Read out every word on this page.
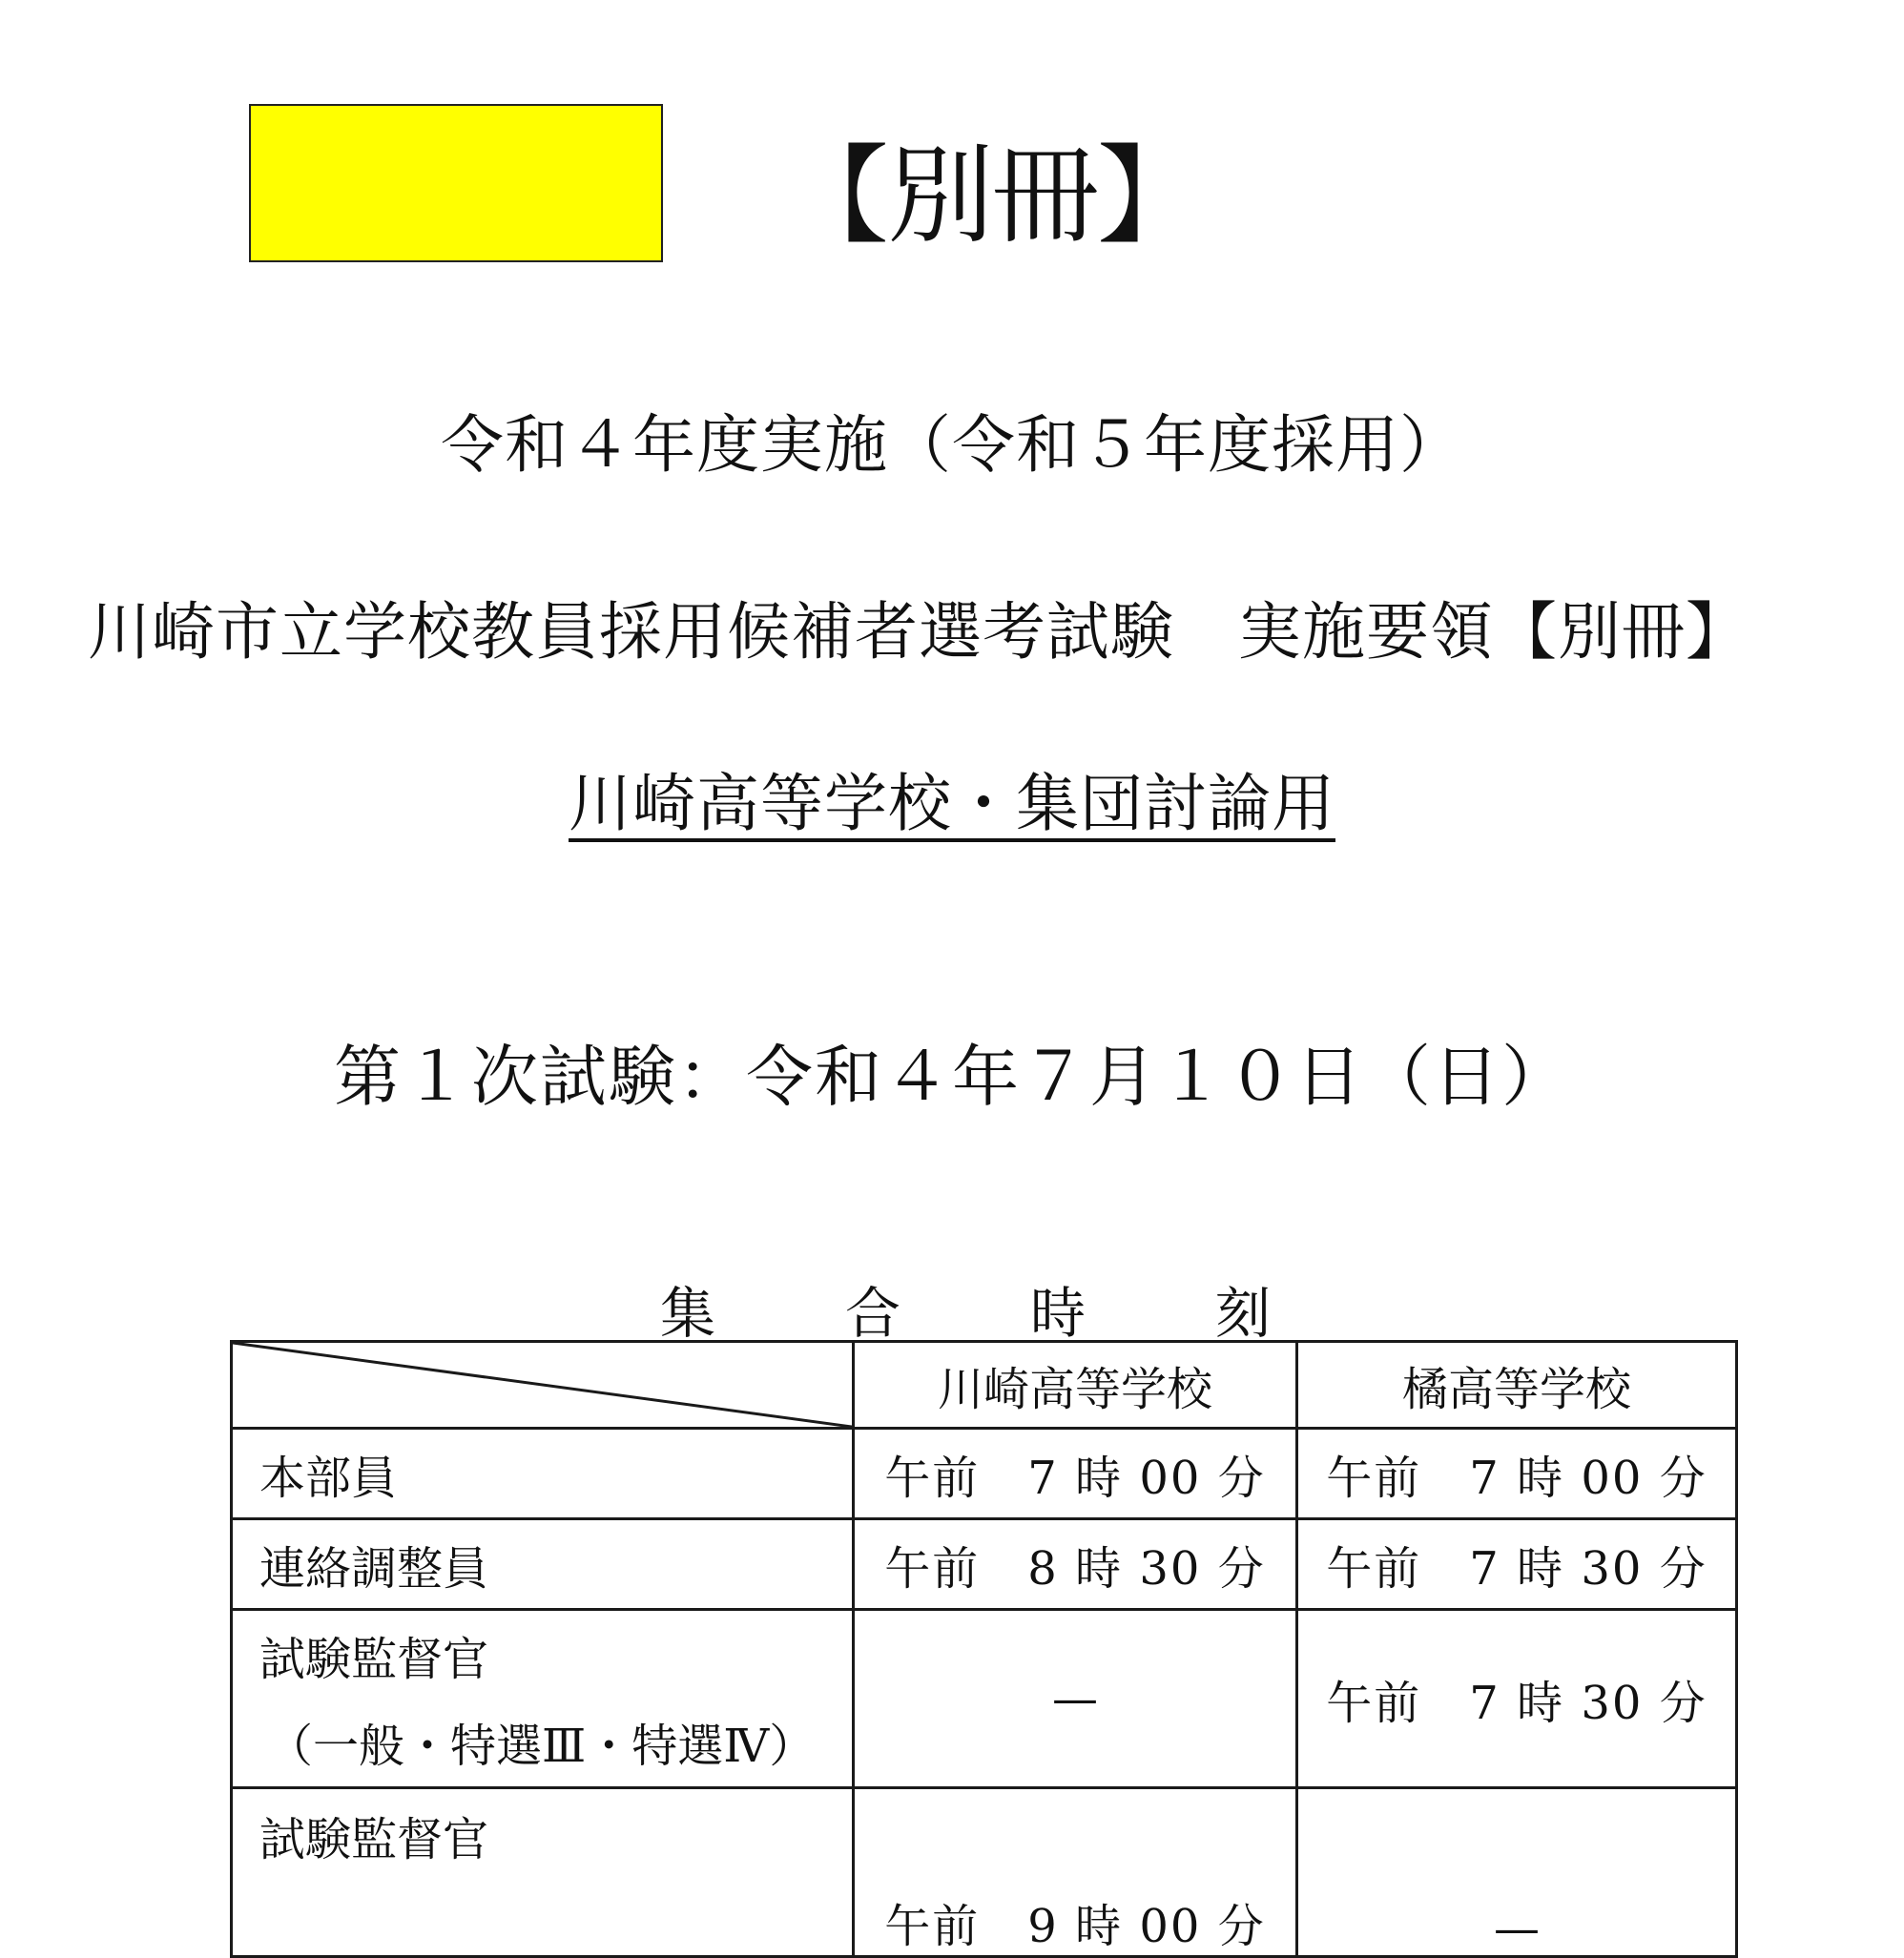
【別冊】
令和４年度実施（令和５年度採用）
川崎市立学校教員採用候補者選考試験　実施要領【別冊】
川崎高等学校・集団討論用
第１次試験：令和４年７月１０日（日）
集 合 時 刻
	川崎高等学校	橘高等学校
本部員	午前　7 時 00 分	午前　7 時 00 分
連絡調整員	午前　8 時 30 分	午前　7 時 30 分
試験監督官
（一般・特選Ⅲ・特選Ⅳ）	—	午前　7 時 30 分
試験監督官	午前　9 時 00 分	—
